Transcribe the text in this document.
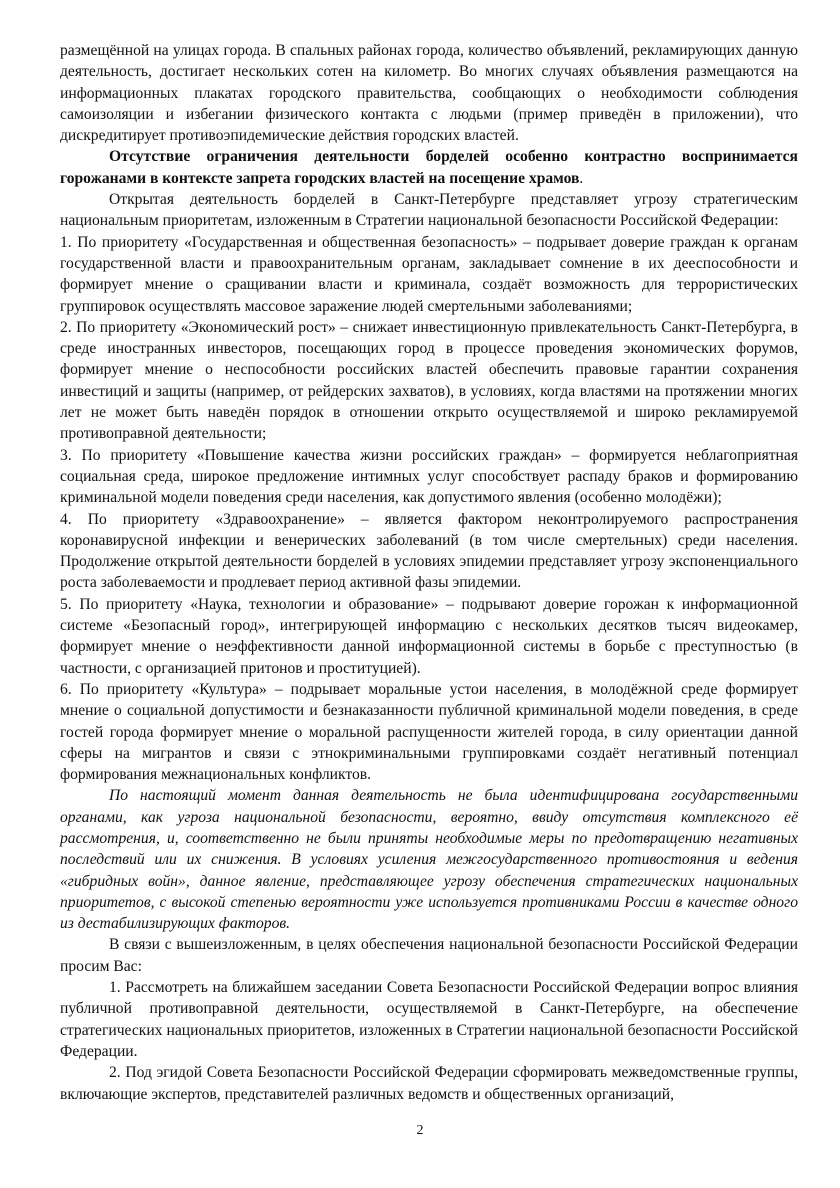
размещённой на улицах города. В спальных районах города, количество объявлений, рекламирующих данную деятельность, достигает нескольких сотен на километр. Во многих случаях объявления размещаются на информационных плакатах городского правительства, сообщающих о необходимости соблюдения самоизоляции и избегании физического контакта с людьми (пример приведён в приложении), что дискредитирует противоэпидемические действия городских властей.

Отсутствие ограничения деятельности борделей особенно контрастно воспринимается горожанами в контексте запрета городских властей на посещение храмов.

Открытая деятельность борделей в Санкт-Петербурге представляет угрозу стратегическим национальным приоритетам, изложенным в Стратегии национальной безопасности Российской Федерации:

1. По приоритету «Государственная и общественная безопасность» – подрывает доверие граждан к органам государственной власти и правоохранительным органам, закладывает сомнение в их дееспособности и формирует мнение о сращивании власти и криминала, создаёт возможность для террористических группировок осуществлять массовое заражение людей смертельными заболеваниями;

2. По приоритету «Экономический рост» – снижает инвестиционную привлекательность Санкт-Петербурга, в среде иностранных инвесторов, посещающих город в процессе проведения экономических форумов, формирует мнение о неспособности российских властей обеспечить правовые гарантии сохранения инвестиций и защиты (например, от рейдерских захватов), в условиях, когда властями на протяжении многих лет не может быть наведён порядок в отношении открыто осуществляемой и широко рекламируемой противоправной деятельности;

3. По приоритету «Повышение качества жизни российских граждан» – формируется неблагоприятная социальная среда, широкое предложение интимных услуг способствует распаду браков и формированию криминальной модели поведения среди населения, как допустимого явления (особенно молодёжи);

4. По приоритету «Здравоохранение» – является фактором неконтролируемого распространения коронавирусной инфекции и венерических заболеваний (в том числе смертельных) среди населения. Продолжение открытой деятельности борделей в условиях эпидемии представляет угрозу экспоненциального роста заболеваемости и продлевает период активной фазы эпидемии.

5. По приоритету «Наука, технологии и образование» – подрывают доверие горожан к информационной системе «Безопасный город», интегрирующей информацию с нескольких десятков тысяч видеокамер, формирует мнение о неэффективности данной информационной системы в борьбе с преступностью (в частности, с организацией притонов и проституцией).

6. По приоритету «Культура» – подрывает моральные устои населения, в молодёжной среде формирует мнение о социальной допустимости и безнаказанности публичной криминальной модели поведения, в среде гостей города формирует мнение о моральной распущенности жителей города, в силу ориентации данной сферы на мигрантов и связи с этнокриминальными группировками создаёт негативный потенциал формирования межнациональных конфликтов.

По настоящий момент данная деятельность не была идентифицирована государственными органами, как угроза национальной безопасности, вероятно, ввиду отсутствия комплексного её рассмотрения, и, соответственно не были приняты необходимые меры по предотвращению негативных последствий или их снижения. В условиях усиления межгосударственного противостояния и ведения «гибридных войн», данное явление, представляющее угрозу обеспечения стратегических национальных приоритетов, с высокой степенью вероятности уже используется противниками России в качестве одного из дестабилизирующих факторов.

В связи с вышеизложенным, в целях обеспечения национальной безопасности Российской Федерации просим Вас:

1. Рассмотреть на ближайшем заседании Совета Безопасности Российской Федерации вопрос влияния публичной противоправной деятельности, осуществляемой в Санкт-Петербурге, на обеспечение стратегических национальных приоритетов, изложенных в Стратегии национальной безопасности Российской Федерации.

2. Под эгидой Совета Безопасности Российской Федерации сформировать межведомственные группы, включающие экспертов, представителей различных ведомств и общественных организаций,

2
